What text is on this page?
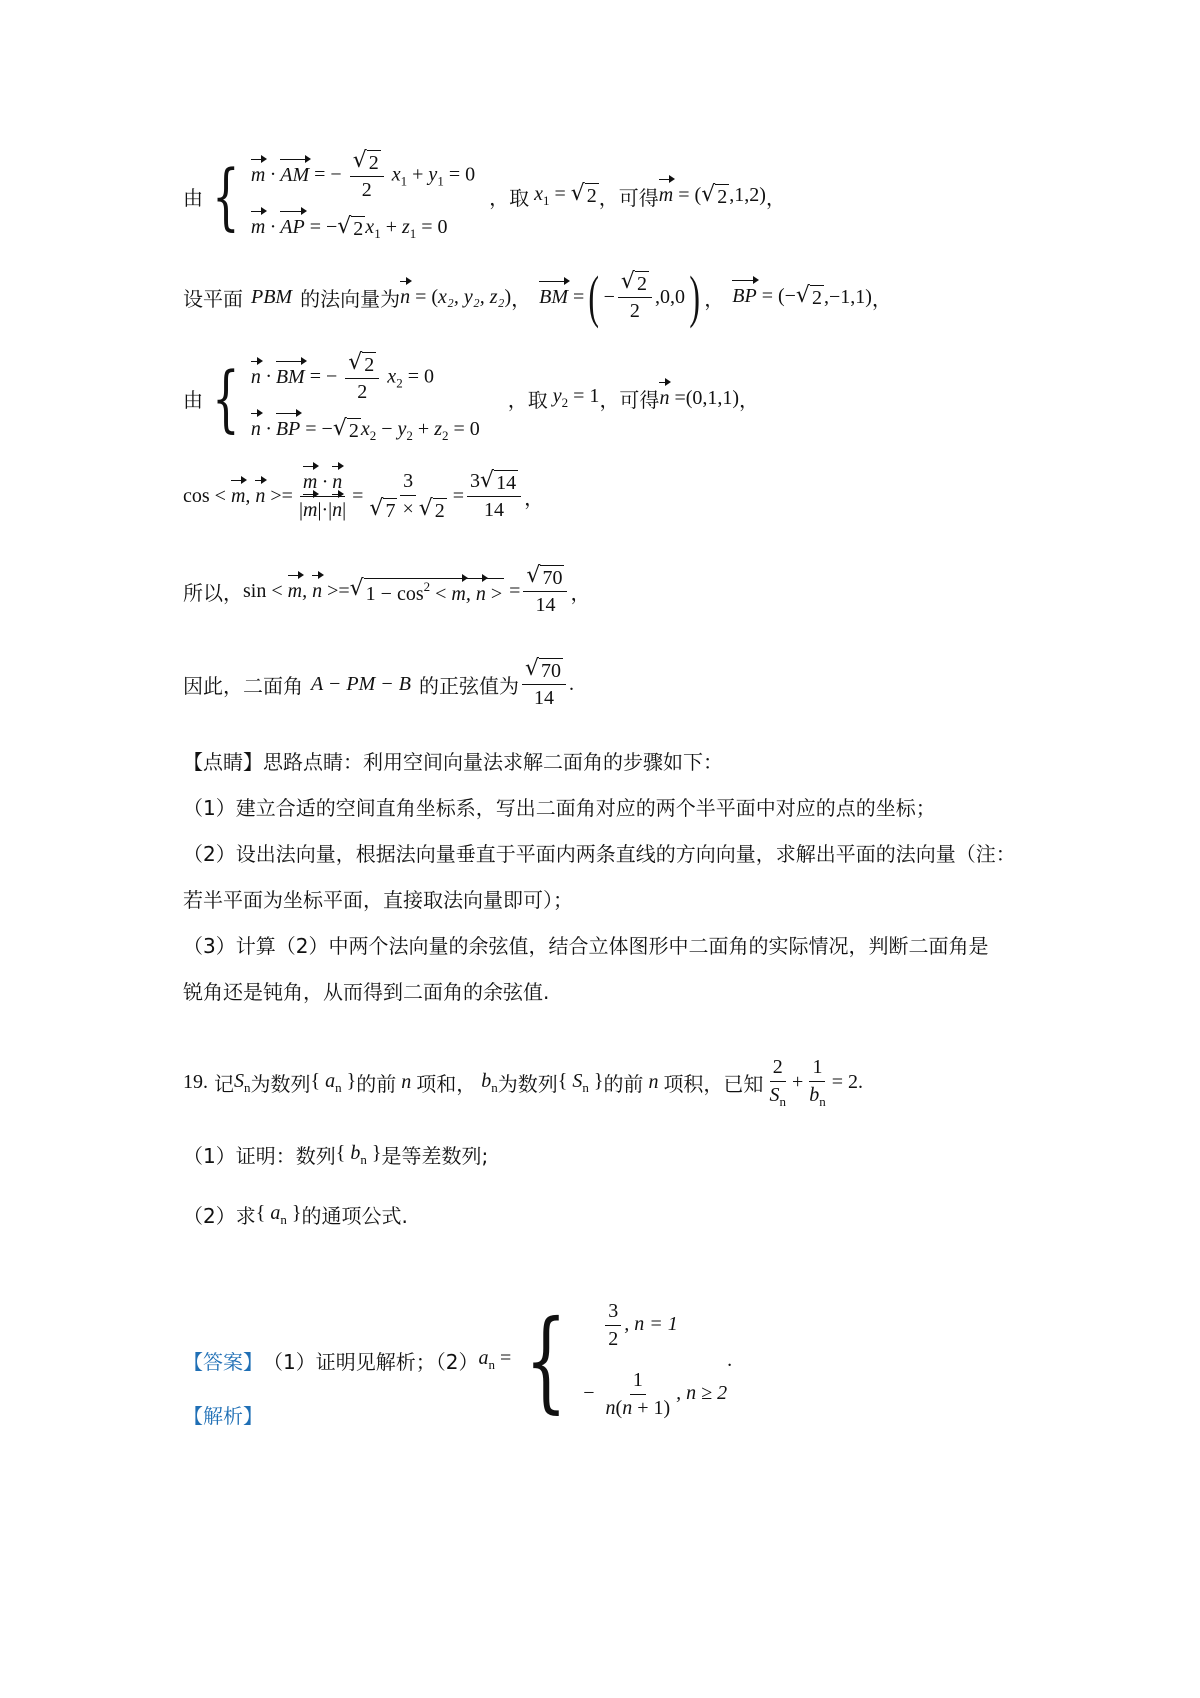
由 { m · AM = − $\frac{√ 2}{2} x_1 + y_1 = 0$
m · AP = − √ 2 $x_1 + z_1 = 0$
，取 $x_1$ = √ 2 ，可得 m = ( √ 2 ,1,2) ，
设平面 PBM 的法向量为 n = ( x₂, y₂, z₂ ) ， BM = ( − $\frac{√ 2}{2} ,0,0$ ) ， BP = (− √ 2 ,−1,1 ) ，
由 { n · BM = − $\frac{√ 2}{2} x_2 = 0$
n · BP = − √ 2 $x_2 - y_2 + z_2 = 0$
，取 $y_2 = 1$ ，可得 n = (0,1,1) ，
cos < m, $n >= \frac{m \cdot n}{|m|\cdot|n|} = \frac{3}{√ 7 \times √ 2} = \frac{3 √ 14}{14}$ ，
所以， sin < m, n >= √ $1 - \cos^2 < m$, n > = $\frac{√ 70}{14}$ ，
因此，二面角 A − PM − B 的正弦值为 $\frac{√ 70}{14}$ .
【点睛】 思路点睛：利用空间向量法求解二面角的步骤如下：
（1）建立合适的空间直角坐标系，写出二面角对应的两个半平面中对应的点的坐标；
（2）设出法向量，根据法向量垂直于平面内两条直线的方向向量，求解出平面的法向量（注：
若半平面为坐标平面，直接取法向量即可）；
（3）计算（2）中两个法向量的余弦值，结合立体图形中二面角的实际情况，判断二面角是
锐角还是钝角，从而得到二面角的余弦值.
19. 记 $S_n$ 为数列 { $a_n$ } 的前 n 项和， $b_n$ 为数列 { $S_n$ } 的前 n 项积，已知 $\frac{2}{S_n} + \frac{1}{b_n} = 2$ .
（1）证明：数列 { $b_n$ } 是等差数列;
（2）求 { $a_n$ } 的通项公式.
【答案】 （1）证明见解析；（2） $a_n$ = {
$\frac{3}{2}$ , n = 1
− $\frac{1}{n(n + 1)}$ , n ≥ 2
.
【解析】
